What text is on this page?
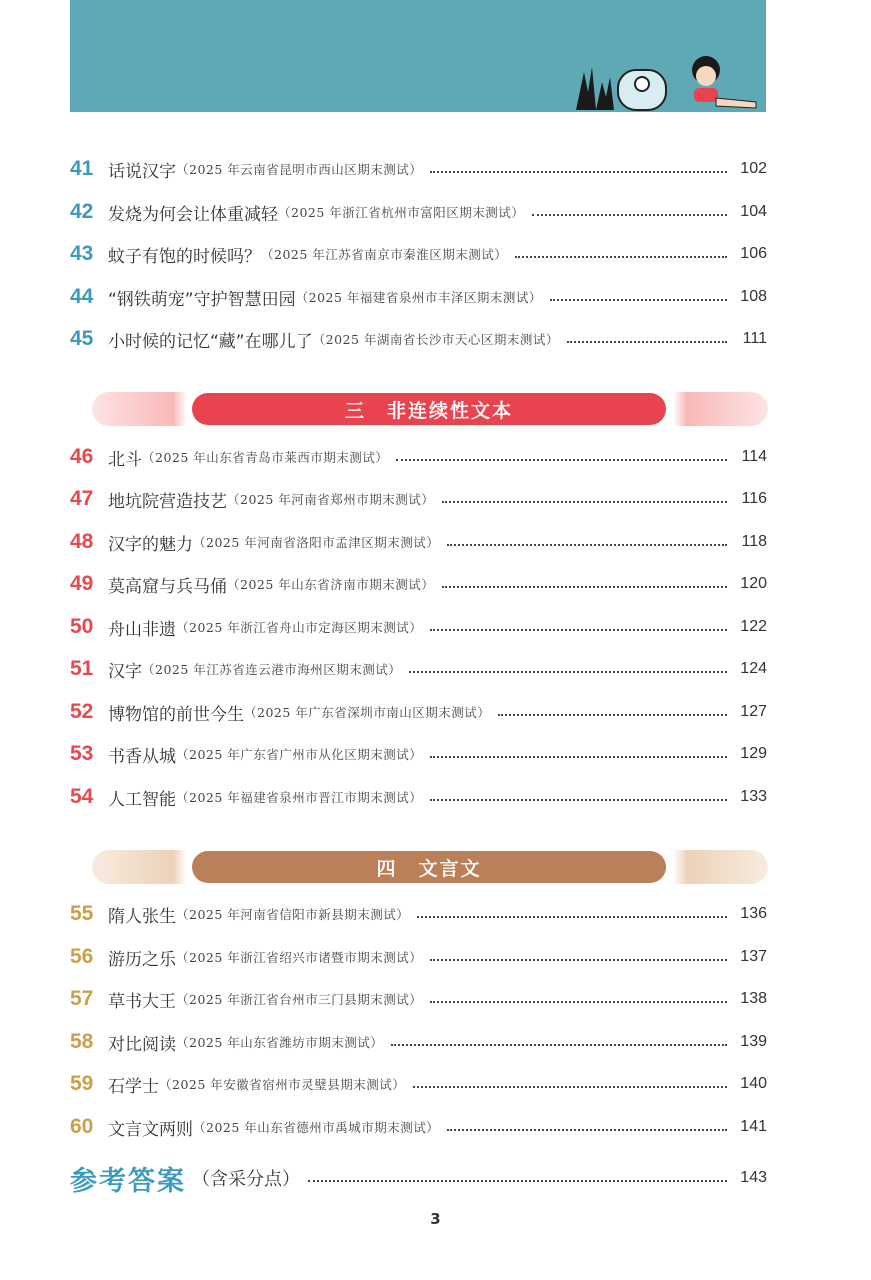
41 话说汉字 （2025 年云南省昆明市西山区期末测试）	102
42 发烧为何会让体重减轻 （2025 年浙江省杭州市富阳区期末测试）	104
43 蚊子有饱的时候吗？ （2025 年江苏省南京市秦淮区期末测试）	106
44 “钢铁萌宠”守护智慧田园 （2025 年福建省泉州市丰泽区期末测试）	108
45 小时候的记忆“藏”在哪儿了 （2025 年湖南省长沙市天心区期末测试）	111
三　非连续性文本
46 北斗 （2025 年山东省青岛市莱西市期末测试）	114
47 地坑院营造技艺 （2025 年河南省郑州市期末测试）	116
48 汉字的魅力 （2025 年河南省洛阳市孟津区期末测试）	118
49 莫高窟与兵马俑 （2025 年山东省济南市期末测试）	120
50 舟山非遗 （2025 年浙江省舟山市定海区期末测试）	122
51 汉字 （2025 年江苏省连云港市海州区期末测试）	124
52 博物馆的前世今生 （2025 年广东省深圳市南山区期末测试）	127
53 书香从城 （2025 年广东省广州市从化区期末测试）	129
54 人工智能 （2025 年福建省泉州市晋江市期末测试）	133
四　文言文
55 隋人张生 （2025 年河南省信阳市新县期末测试）	136
56 游历之乐 （2025 年浙江省绍兴市诸暨市期末测试）	137
57 草书大王 （2025 年浙江省台州市三门县期末测试）	138
58 对比阅读 （2025 年山东省潍坊市期末测试）	139
59 石学士 （2025 年安徽省宿州市灵璧县期末测试）	140
60 文言文两则 （2025 年山东省德州市禹城市期末测试）	141
参考答案 （含采分点）	143
3
